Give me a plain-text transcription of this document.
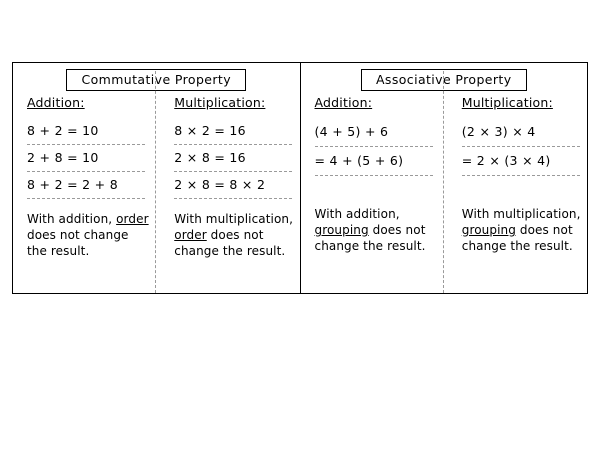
Commutative Property
Addition:
8 + 2 = 10
2 + 8 = 10
8 + 2 = 2 + 8
With addition, order does not change the result.
Multiplication:
8 × 2 = 16
2 × 8 = 16
2 × 8 = 8 × 2
With multiplication, order does not change the result.
Associative Property
Addition:
(4 + 5) + 6
= 4 + (5 + 6)
With addition, grouping does not change the result.
Multiplication:
(2 × 3) × 4
= 2 × (3 × 4)
With multiplication, grouping does not change the result.
